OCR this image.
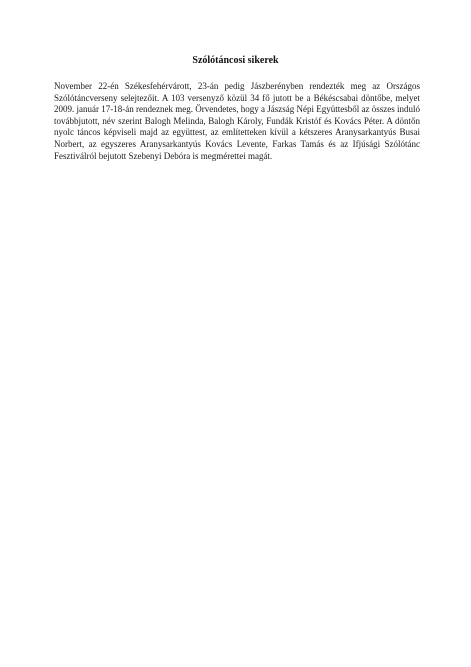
Szólótáncosi sikerek

November 22-én Székesfehérvárott, 23-án pedig Jászberényben rendezték meg az Országos Szólótáncverseny selejtezőit. A 103 versenyző közül 34 fő jutott be a Békéscsabai döntőbe, melyet 2009. január 17-18-án rendeznek meg. Örvendetes, hogy a Jászság Népi Együttesből az összes induló továbbjutott, név szerint Balogh Melinda, Balogh Károly, Fundák Kristóf és Kovács Péter. A döntőn nyolc táncos képviseli majd az együttest, az említetteken kívül a kétszeres Aranysarkantyús Busai Norbert, az egyszeres Aranysarkantyús Kovács Levente, Farkas Tamás és az Ifjúsági Szólótánc Fesztiválról bejutott Szebenyi Debóra is megmérettei magát.
